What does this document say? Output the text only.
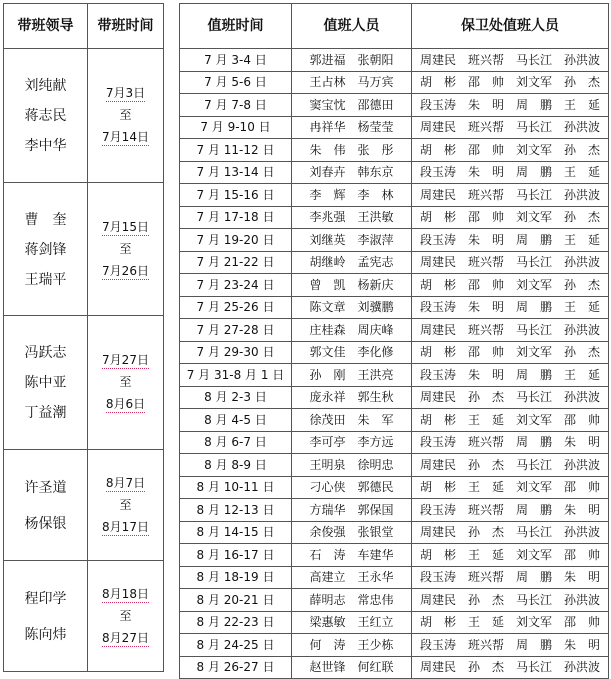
带班领导	带班时间

刘纯献
蒋志民
李中华	7月3日
至
7月14日

曹　奎
蒋剑锋
王瑞平	7月15日
至
7月26日

冯跃志
陈中亚
丁益潮	7月27日
至
8月6日

许圣道
杨保银	8月7日
至
8月17日

程印学
陈向炜	8月18日
至
8月27日
值班时间	值班人员	保卫处值班人员
7 月 3-4 日	郭进福　张朝阳	周建民　班兴帮　马长江　孙洪波
7 月 5-6 日	王占林　马万宾	胡　彬　邵　帅　刘文军　孙　杰
7 月 7-8 日	窦宝忱　邵德田	段玉涛　朱　明　周　鹏　王　延
7 月 9-10 日	冉祥华　杨莹莹	周建民　班兴帮　马长江　孙洪波
7 月 11-12 日	朱　伟　张　彤	胡　彬　邵　帅　刘文军　孙　杰
7 月 13-14 日	刘春卉　韩东京	段玉涛　朱　明　周　鹏　王　延
7 月 15-16 日	李　辉　李　林	周建民　班兴帮　马长江　孙洪波
7 月 17-18 日	李兆强　王洪敏	胡　彬　邵　帅　刘文军　孙　杰
7 月 19-20 日	刘继英　李淑萍	段玉涛　朱　明　周　鹏　王　延
7 月 21-22 日	胡继岭　孟宪志	周建民　班兴帮　马长江　孙洪波
7 月 23-24 日	曾　凯　杨新庆	胡　彬　邵　帅　刘文军　孙　杰
7 月 25-26 日	陈文章　刘骥鹏	段玉涛　朱　明　周　鹏　王　延
7 月 27-28 日	庄桂森　周庆峰	周建民　班兴帮　马长江　孙洪波
7 月 29-30 日	郭文佳　李化修	胡　彬　邵　帅　刘文军　孙　杰
7 月 31-8 月 1 日	孙　刚　王洪亮	段玉涛　朱　明　周　鹏　王　延
8 月 2-3 日	庞永祥　郭生秋	周建民　孙　杰　马长江　孙洪波
8 月 4-5 日	徐茂田　朱　军	胡　彬　王　延　刘文军　邵　帅
8 月 6-7 日	李可亭　李方远	段玉涛　班兴帮　周　鹏　朱　明
8 月 8-9 日	王明泉　徐明忠	周建民　孙　杰　马长江　孙洪波
8 月 10-11 日	刁心侠　郭德民	胡　彬　王　延　刘文军　邵　帅
8 月 12-13 日	方瑞华　郭保国	段玉涛　班兴帮　周　鹏　朱　明
8 月 14-15 日	余俊强　张银堂	周建民　孙　杰　马长江　孙洪波
8 月 16-17 日	石　涛　车建华	胡　彬　王　延　刘文军　邵　帅
8 月 18-19 日	高建立　王永华	段玉涛　班兴帮　周　鹏　朱　明
8 月 20-21 日	薛明志　常忠伟	周建民　孙　杰　马长江　孙洪波
8 月 22-23 日	梁惠敏　王红立	胡　彬　王　延　刘文军　邵　帅
8 月 24-25 日	何　涛　王少栋	段玉涛　班兴帮　周　鹏　朱　明
8 月 26-27 日	赵世锋　何红联	周建民　孙　杰　马长江　孙洪波
